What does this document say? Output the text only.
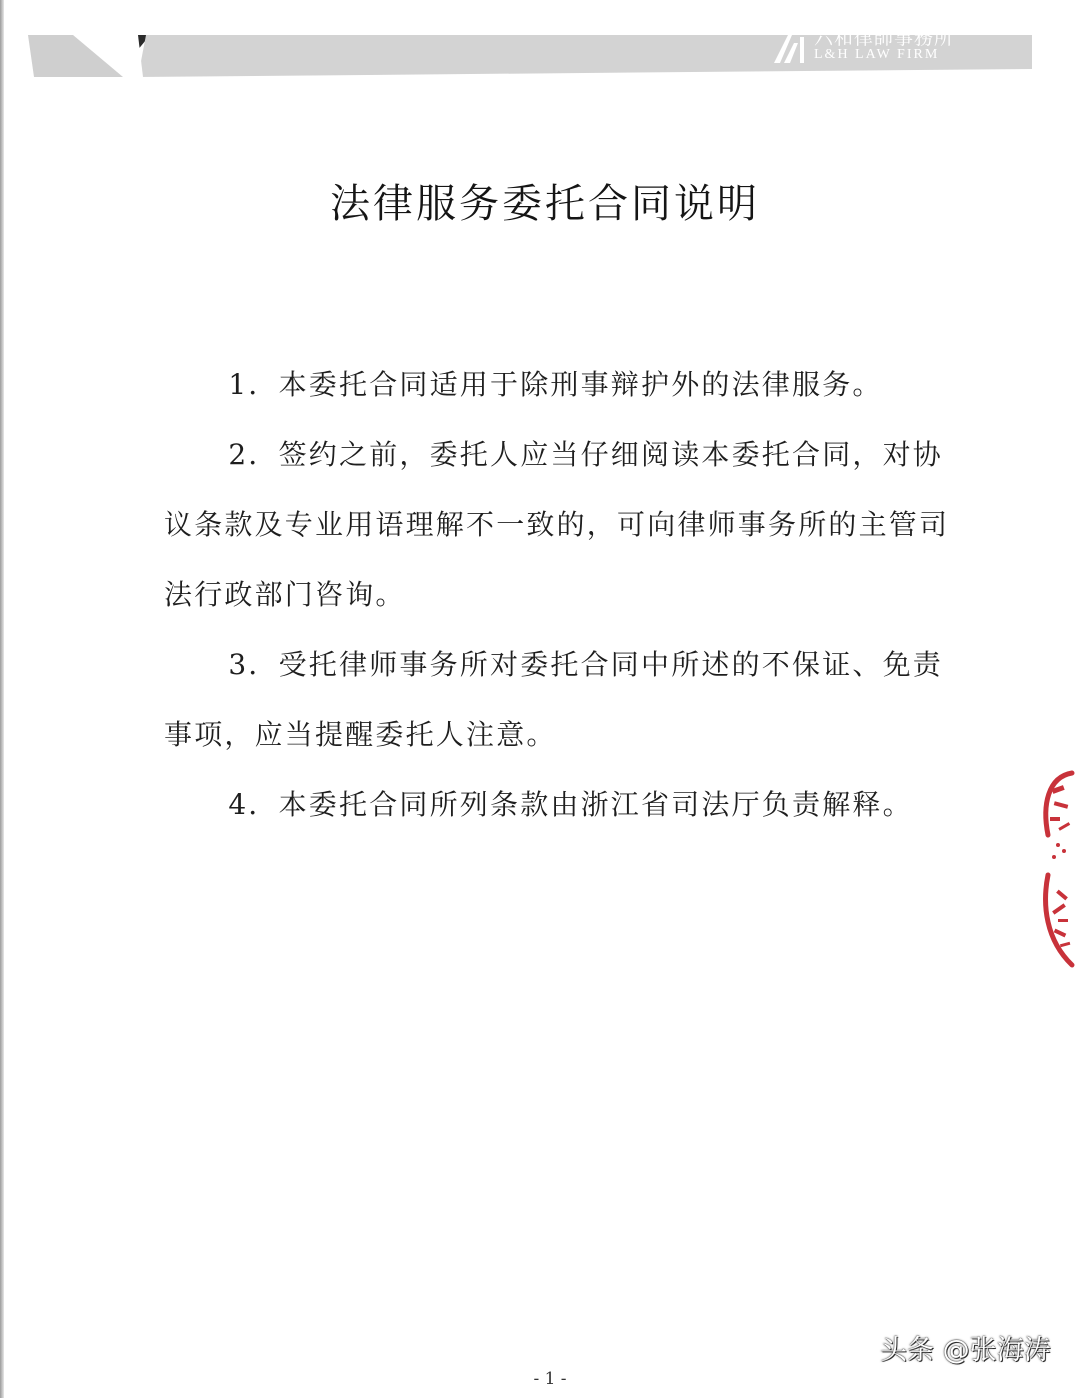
六和律師事務所
L&H LAW FIRM
法律服务委托合同说明

1．本委托合同适用于除刑事辩护外的法律服务。

2．签约之前，委托人应当仔细阅读本委托合同，对协议条款及专业用语理解不一致的，可向律师事务所的主管司法行政部门咨询。

3．受托律师事务所对委托合同中所述的不保证、免责事项，应当提醒委托人注意。

4．本委托合同所列条款由浙江省司法厅负责解释。

头条 @张海涛
- 1 -
